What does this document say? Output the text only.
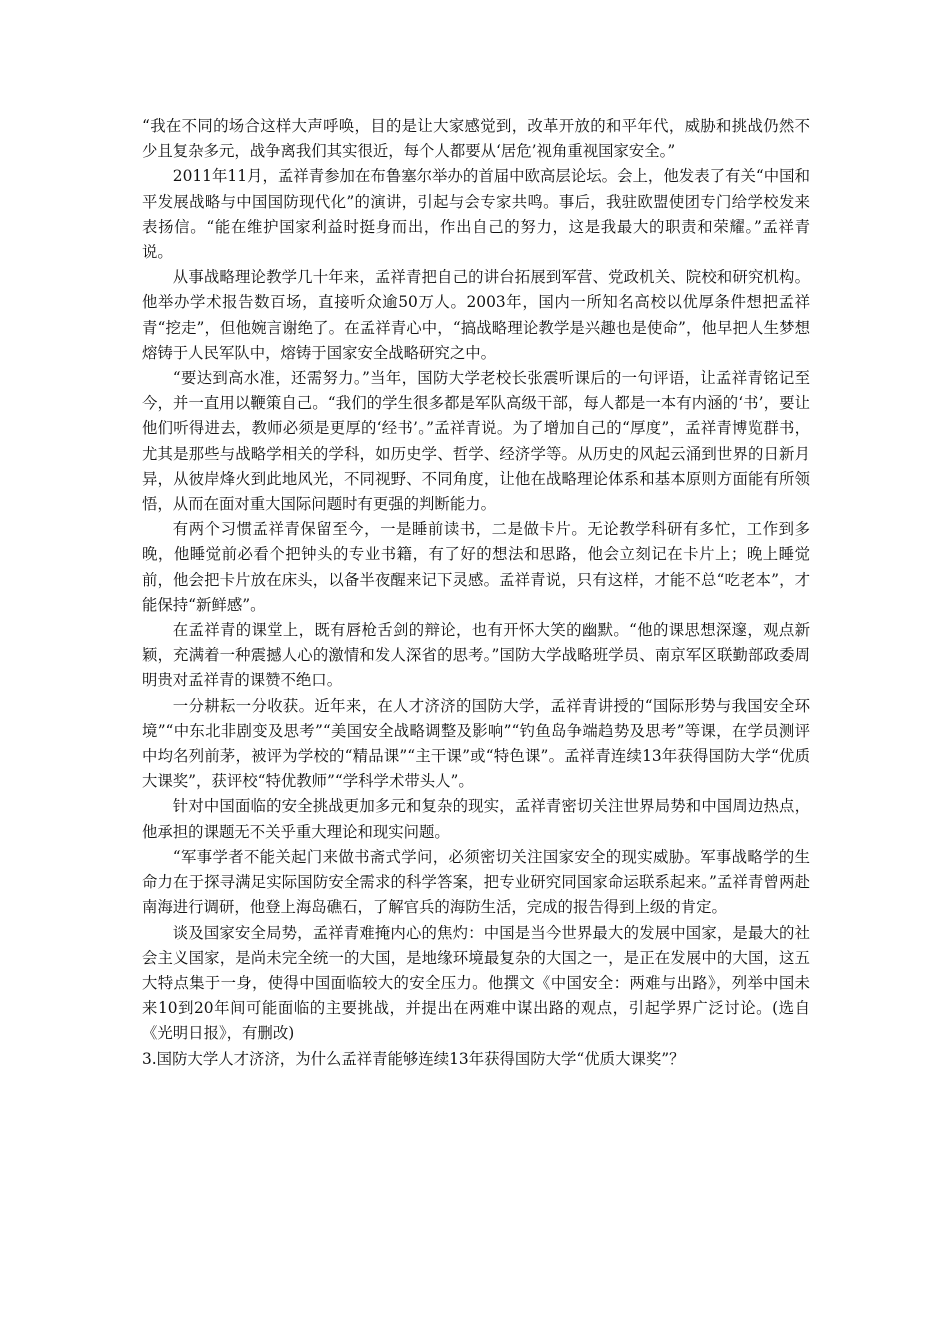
“我在不同的场合这样大声呼唤，目的是让大家感觉到，改革开放的和平年代，威胁和挑战仍然不少且复杂多元，战争离我们其实很近，每个人都要从‘居危’视角重视国家安全。”

2011年11月，孟祥青参加在布鲁塞尔举办的首届中欧高层论坛。会上，他发表了有关“中国和平发展战略与中国国防现代化”的演讲，引起与会专家共鸣。事后，我驻欧盟使团专门给学校发来表扬信。“能在维护国家利益时挺身而出，作出自己的努力，这是我最大的职责和荣耀。”孟祥青说。

从事战略理论教学几十年来，孟祥青把自己的讲台拓展到军营、党政机关、院校和研究机构。他举办学术报告数百场，直接听众逾50万人。2003年，国内一所知名高校以优厚条件想把孟祥青“挖走”，但他婉言谢绝了。在孟祥青心中，“搞战略理论教学是兴趣也是使命”，他早把人生梦想熔铸于人民军队中，熔铸于国家安全战略研究之中。

“要达到高水准，还需努力。”当年，国防大学老校长张震听课后的一句评语，让孟祥青铭记至今，并一直用以鞭策自己。“我们的学生很多都是军队高级干部，每人都是一本有内涵的‘书’，要让他们听得进去，教师必须是更厚的‘经书’。”孟祥青说。为了增加自己的“厚度”，孟祥青博览群书，尤其是那些与战略学相关的学科，如历史学、哲学、经济学等。从历史的风起云涌到世界的日新月异，从彼岸烽火到此地风光，不同视野、不同角度，让他在战略理论体系和基本原则方面能有所领悟，从而在面对重大国际问题时有更强的判断能力。

有两个习惯孟祥青保留至今，一是睡前读书，二是做卡片。无论教学科研有多忙，工作到多晚，他睡觉前必看个把钟头的专业书籍，有了好的想法和思路，他会立刻记在卡片上；晚上睡觉前，他会把卡片放在床头，以备半夜醒来记下灵感。孟祥青说，只有这样，才能不总“吃老本”，才能保持“新鲜感”。

在孟祥青的课堂上，既有唇枪舌剑的辩论，也有开怀大笑的幽默。“他的课思想深邃，观点新颖，充满着一种震撼人心的激情和发人深省的思考。”国防大学战略班学员、南京军区联勤部政委周明贵对孟祥青的课赞不绝口。

一分耕耘一分收获。近年来，在人才济济的国防大学，孟祥青讲授的“国际形势与我国安全环境”“中东北非剧变及思考”“美国安全战略调整及影响”“钓鱼岛争端趋势及思考”等课，在学员测评中均名列前茅，被评为学校的“精品课”“主干课”或“特色课”。孟祥青连续13年获得国防大学“优质大课奖”，获评校“特优教师”“学科学术带头人”。

针对中国面临的安全挑战更加多元和复杂的现实，孟祥青密切关注世界局势和中国周边热点，他承担的课题无不关乎重大理论和现实问题。

“军事学者不能关起门来做书斋式学问，必须密切关注国家安全的现实威胁。军事战略学的生命力在于探寻满足实际国防安全需求的科学答案，把专业研究同国家命运联系起来。”孟祥青曾两赴南海进行调研，他登上海岛礁石，了解官兵的海防生活，完成的报告得到上级的肯定。

谈及国家安全局势，孟祥青难掩内心的焦灼：中国是当今世界最大的发展中国家，是最大的社会主义国家，是尚未完全统一的大国，是地缘环境最复杂的大国之一，是正在发展中的大国，这五大特点集于一身，使得中国面临较大的安全压力。他撰文《中国安全：两难与出路》，列举中国未来10到20年间可能面临的主要挑战，并提出在两难中谋出路的观点，引起学界广泛讨论。(选自《光明日报》，有删改)

3.国防大学人才济济，为什么孟祥青能够连续13年获得国防大学“优质大课奖”？
